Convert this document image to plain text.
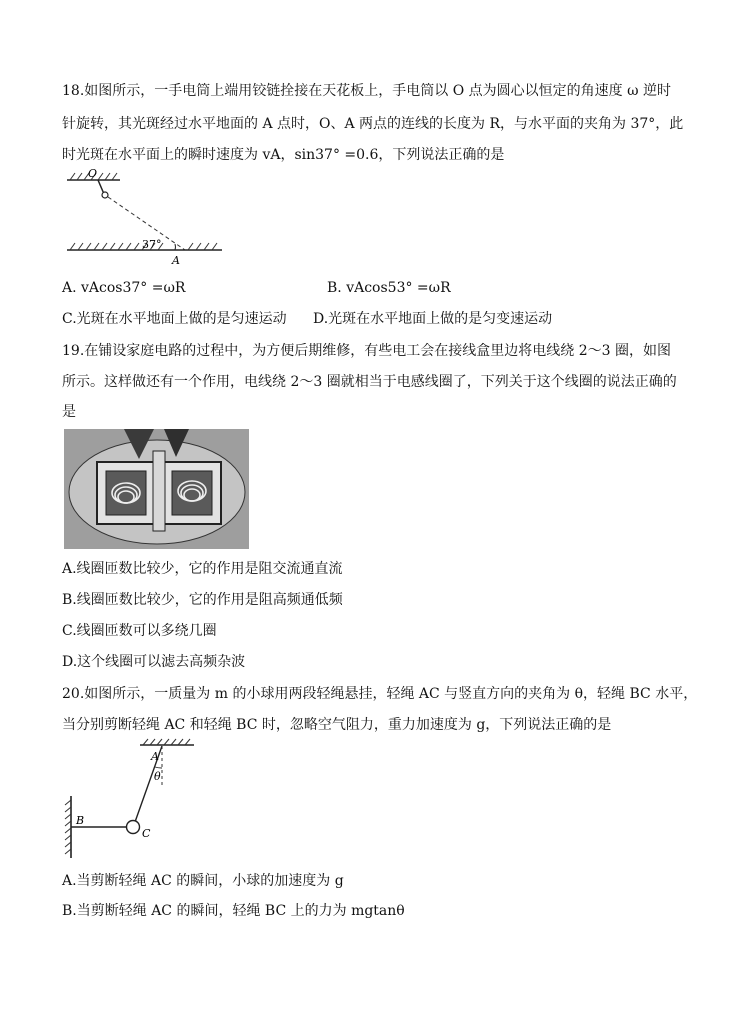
18.如图所示，一手电筒上端用铰链拴接在天花板上，手电筒以 O 点为圆心以恒定的角速度 ω 逆时
针旋转，其光斑经过水平地面的 A 点时，O、A 两点的连线的长度为 R，与水平面的夹角为 37°，此
时光斑在水平面上的瞬时速度为 vA，sin37° =0.6，下列说法正确的是
O
37°
A
A. vAcos37° =ωR	B. vAcos53° =ωR
C.光斑在水平地面上做的是匀速运动 D.光斑在水平地面上做的是匀变速运动
19.在铺设家庭电路的过程中，为方便后期维修，有些电工会在接线盒里边将电线绕 2～3 圈，如图
所示。这样做还有一个作用，电线绕 2～3 圈就相当于电感线圈了，下列关于这个线圈的说法正确的
是
A.线圈匝数比较少，它的作用是阻交流通直流
B.线圈匝数比较少，它的作用是阻高频通低频
C.线圈匝数可以多绕几圈
D.这个线圈可以滤去高频杂波
20.如图所示，一质量为 m 的小球用两段轻绳悬挂，轻绳 AC 与竖直方向的夹角为 θ，轻绳 BC 水平，
当分别剪断轻绳 AC 和轻绳 BC 时，忽略空气阻力，重力加速度为 g，下列说法正确的是
A
θ
B
C
A.当剪断轻绳 AC 的瞬间，小球的加速度为 g
B.当剪断轻绳 AC 的瞬间，轻绳 BC 上的力为 mgtanθ
